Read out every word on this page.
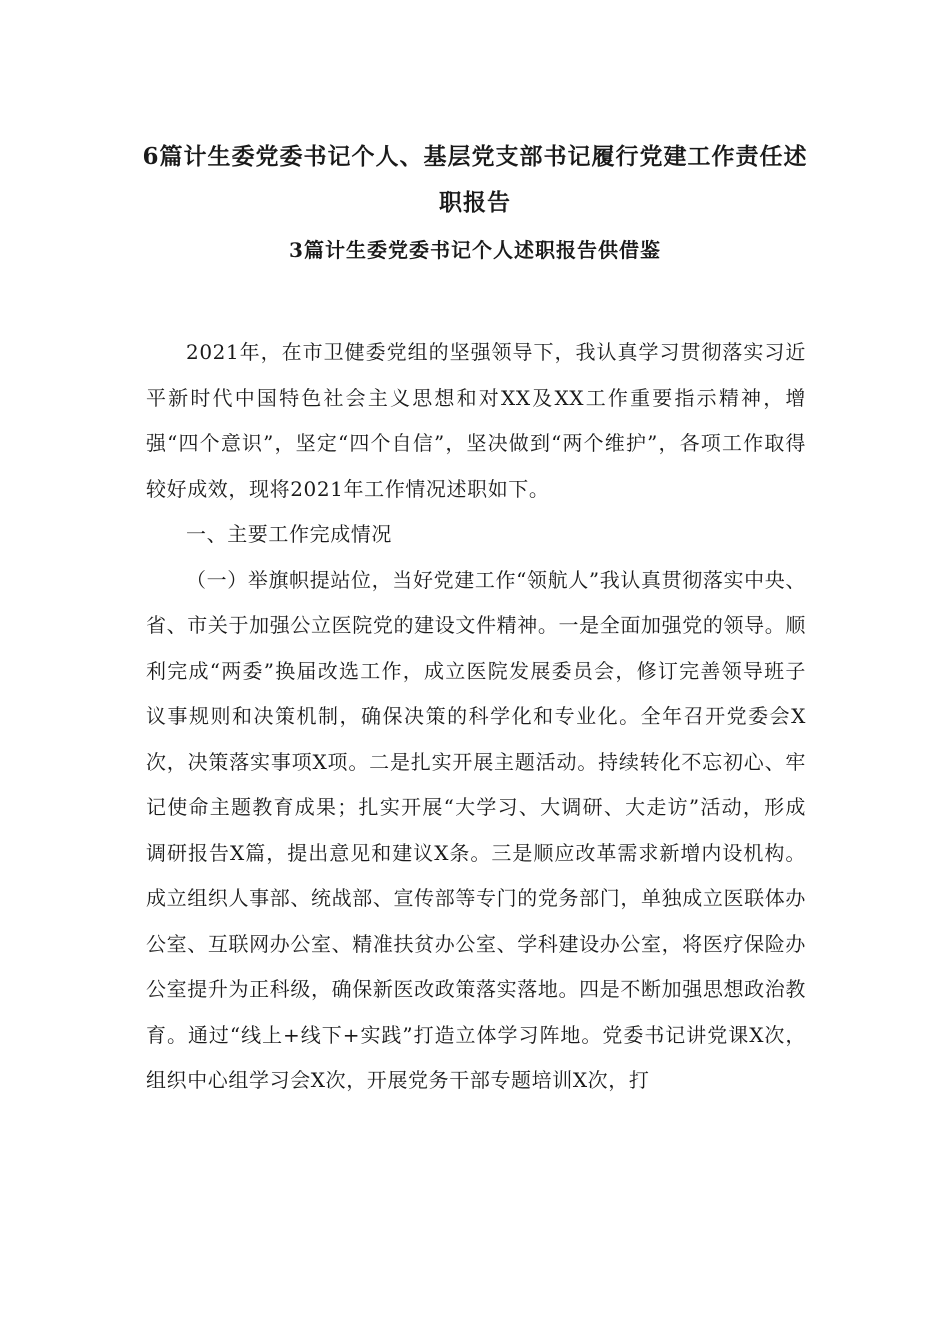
6篇计生委党委书记个人、基层党支部书记履行党建工作责任述职报告
3篇计生委党委书记个人述职报告供借鉴

2021年，在市卫健委党组的坚强领导下，我认真学习贯彻落实习近平新时代中国特色社会主义思想和对XX及XX工作重要指示精神，增强“四个意识”，坚定“四个自信”，坚决做到“两个维护”，各项工作取得较好成效，现将2021年工作情况述职如下。

一、主要工作完成情况

（一）举旗帜提站位，当好党建工作“领航人”我认真贯彻落实中央、省、市关于加强公立医院党的建设文件精神。一是全面加强党的领导。顺利完成“两委”换届改选工作，成立医院发展委员会，修订完善领导班子议事规则和决策机制，确保决策的科学化和专业化。全年召开党委会X次，决策落实事项X项。二是扎实开展主题活动。持续转化不忘初心、牢记使命主题教育成果；扎实开展“大学习、大调研、大走访”活动，形成调研报告X篇，提出意见和建议X条。三是顺应改革需求新增内设机构。成立组织人事部、统战部、宣传部等专门的党务部门，单独成立医联体办公室、互联网办公室、精准扶贫办公室、学科建设办公室，将医疗保险办公室提升为正科级，确保新医改政策落实落地。四是不断加强思想政治教育。通过“线上+线下+实践”打造立体学习阵地。党委书记讲党课X次，组织中心组学习会X次，开展党务干部专题培训X次，打
